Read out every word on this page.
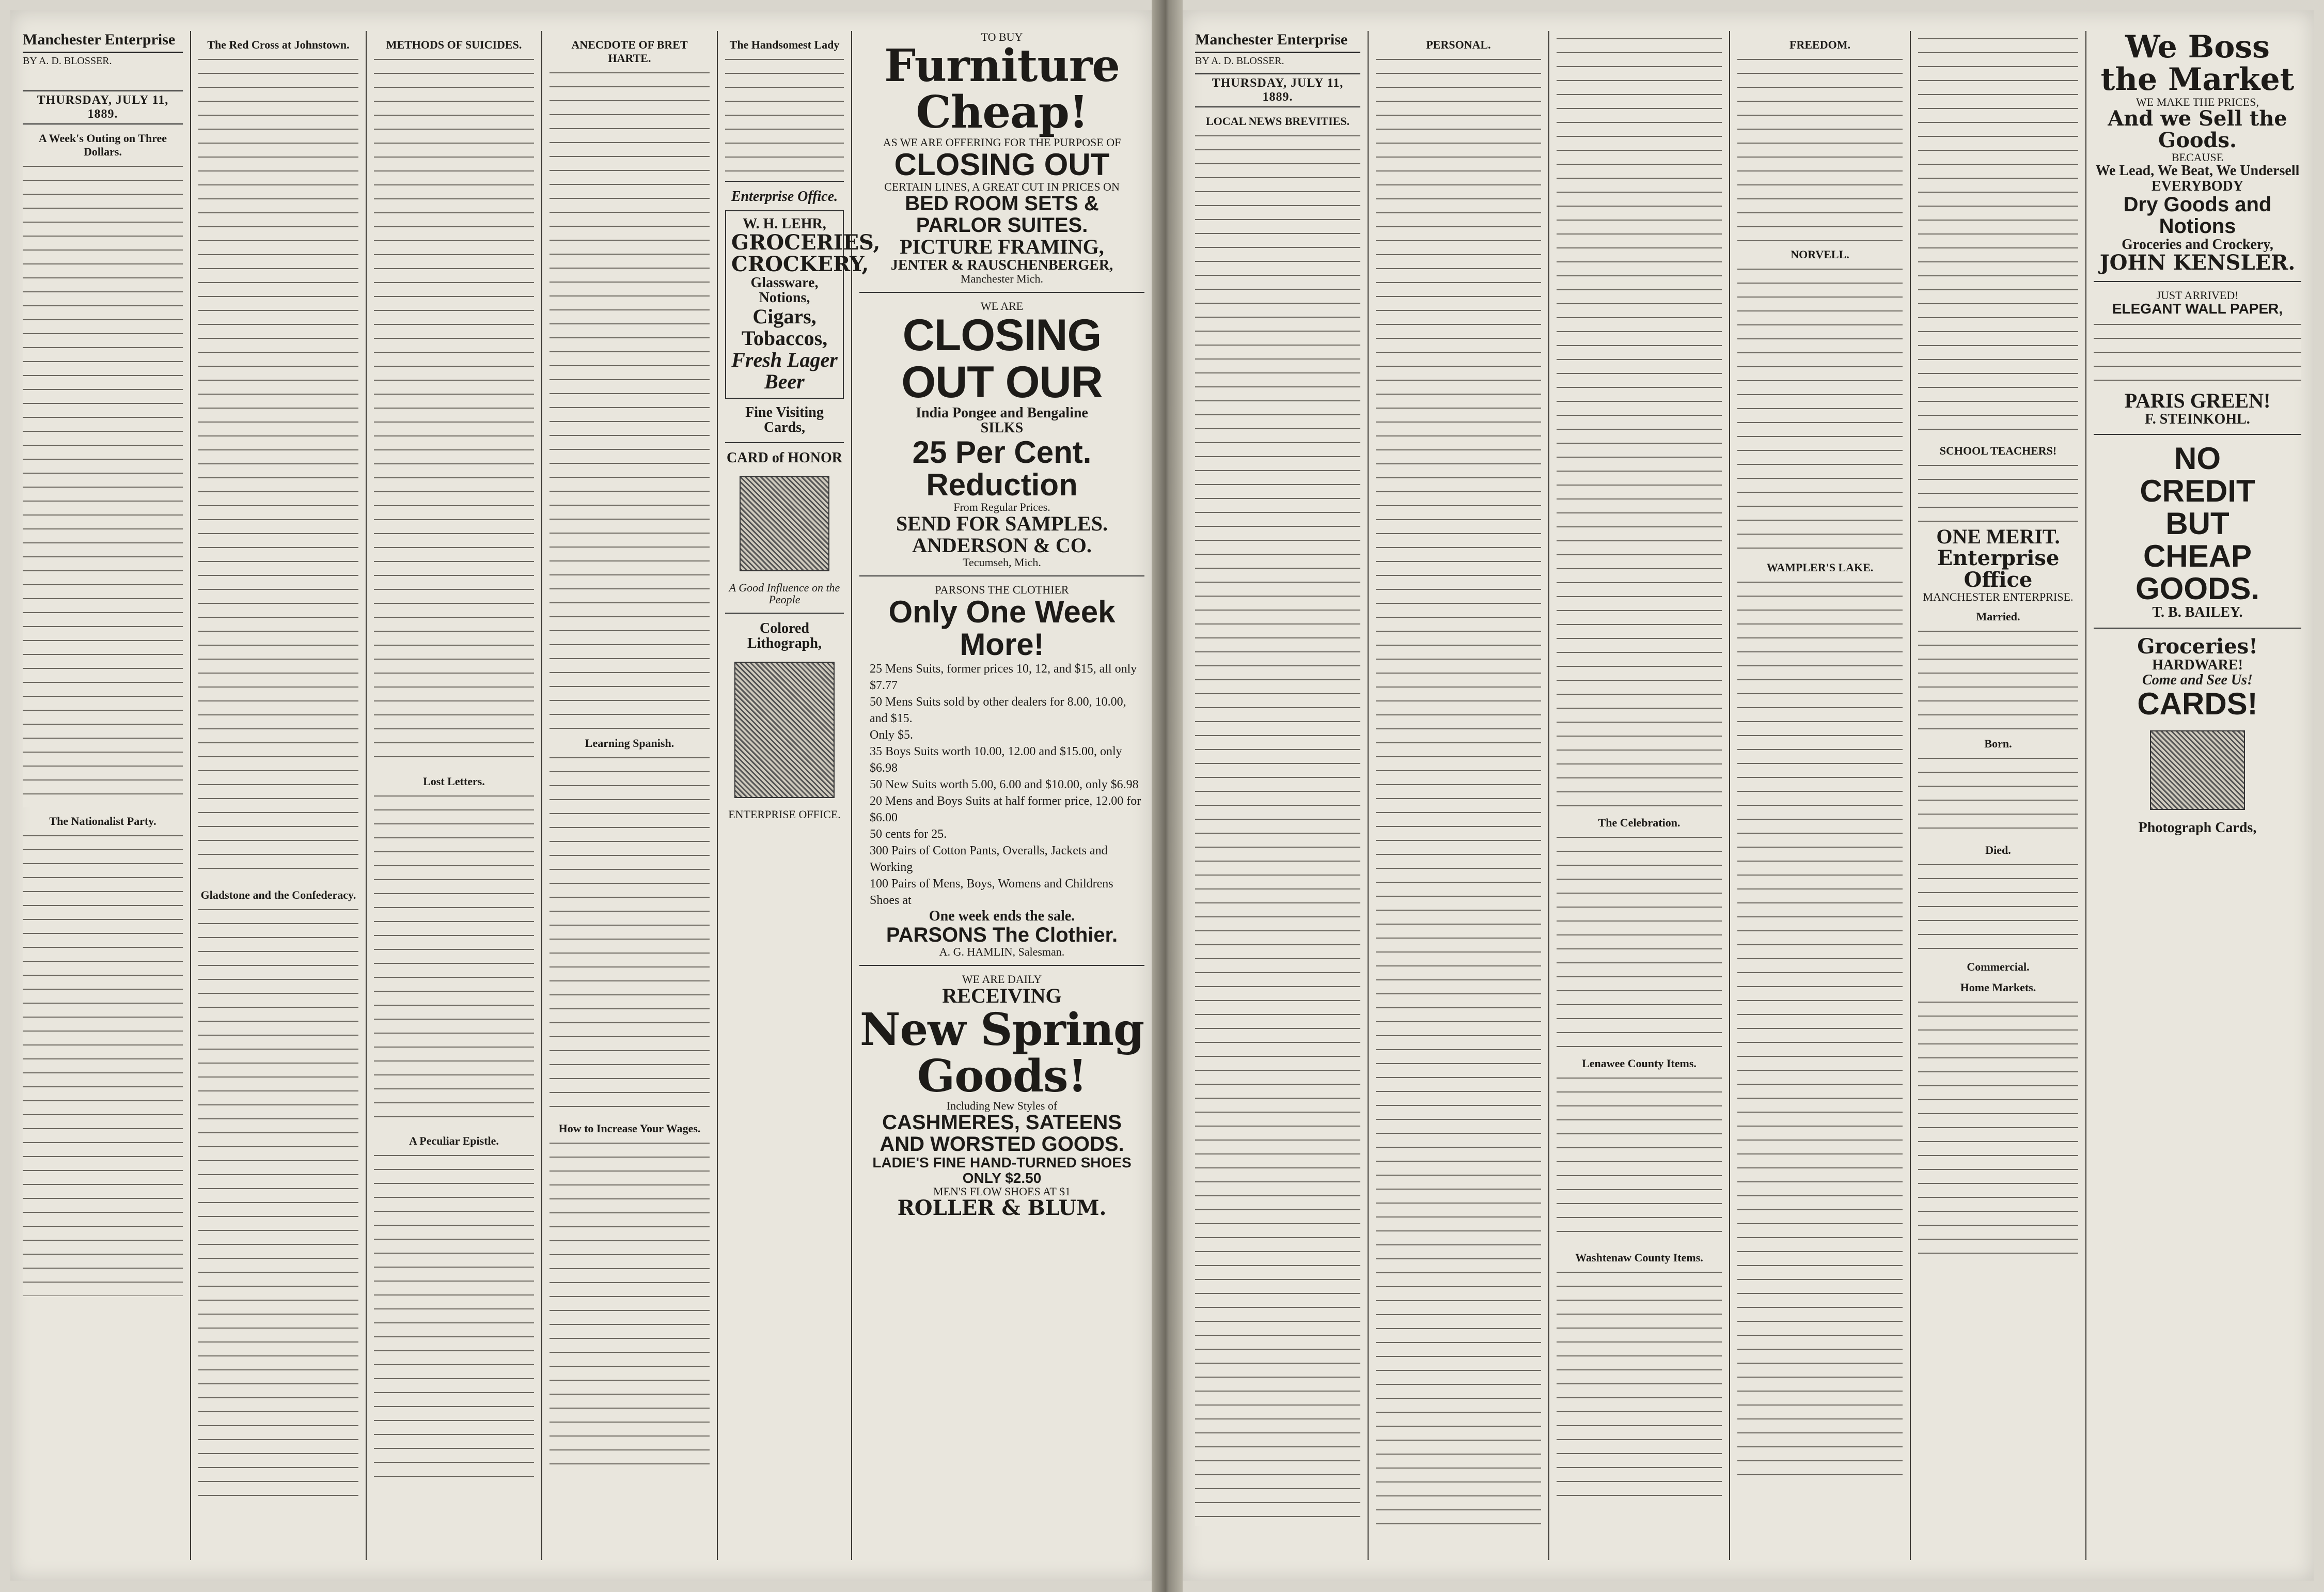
Manchester Enterprise
BY A. D. BLOSSER.

THURSDAY, JULY 11, 1889.
A Week's Outing on Three Dollars.
The Nationalist Party.
The Red Cross at Johnstown.
Gladstone and the Confederacy.
METHODS OF SUICIDES.
Lost Letters.
A Peculiar Epistle.
ANECDOTE OF BRET HARTE.
Learning Spanish.
How to Increase Your Wages.
The Handsomest Lady
Enterprise Office.
W. H. LEHR,
GROCERIES, CROCKERY,
Glassware, Notions,
Cigars, Tobaccos,
Fresh Lager Beer
Fine Visiting Cards,
CARD of HONOR
A Good Influence on the People
Colored Lithograph,
ENTERPRISE OFFICE.
TO BUY
Furniture Cheap!
AS WE ARE OFFERING FOR THE PURPOSE OF
CLOSING OUT
CERTAIN LINES, A GREAT CUT IN PRICES ON
BED ROOM SETS & PARLOR SUITES.
PICTURE FRAMING,
JENTER & RAUSCHENBERGER,
Manchester Mich.
WE ARE
CLOSING OUT OUR
India Pongee and Bengaline
SILKS
25 Per Cent. Reduction
From Regular Prices.
SEND FOR SAMPLES.
ANDERSON & CO.
Tecumseh, Mich.
PARSONS THE CLOTHIER
Only One Week More!
25 Mens Suits, former prices 10, 12, and $15, all only $7.77
50 Mens Suits sold by other dealers for 8.00, 10.00, and $15.
Only $5.
35 Boys Suits worth 10.00, 12.00 and $15.00, only $6.98
50 New Suits worth 5.00, 6.00 and $10.00, only $6.98
20 Mens and Boys Suits at half former price, 12.00 for $6.00
50 cents for 25.
300 Pairs of Cotton Pants, Overalls, Jackets and Working
100 Pairs of Mens, Boys, Womens and Childrens Shoes at
One week ends the sale.
PARSONS The Clothier.
A. G. HAMLIN, Salesman.
WE ARE DAILY
RECEIVING
New Spring Goods!
Including New Styles of
CASHMERES, SATEENS AND WORSTED GOODS.
LADIE'S FINE HAND-TURNED SHOES ONLY $2.50
MEN'S FLOW SHOES AT $1
ROLLER & BLUM.
Manchester Enterprise
BY A. D. BLOSSER.
THURSDAY, JULY 11, 1889.
LOCAL NEWS BREVITIES.
PERSONAL.
The Celebration.
Lenawee County Items.
Washtenaw County Items.
FREEDOM.
NORVELL.
WAMPLER'S LAKE.
SCHOOL TEACHERS!
ONE MERIT.
Enterprise Office
MANCHESTER ENTERPRISE.
Married.
Born.
Died.
Commercial.
Home Markets.
We Boss the Market
WE MAKE THE PRICES,
And we Sell the Goods.
BECAUSE
We Lead, We Beat, We Undersell
EVERYBODY
Dry Goods and Notions
Groceries and Crockery,
JOHN KENSLER.
JUST ARRIVED!
ELEGANT WALL PAPER,
PARIS GREEN!
F. STEINKOHL.
NO
CREDIT
BUT
CHEAP
GOODS.
T. B. BAILEY.
Groceries!
HARDWARE!
Come and See Us!
CARDS!
Photograph Cards,
